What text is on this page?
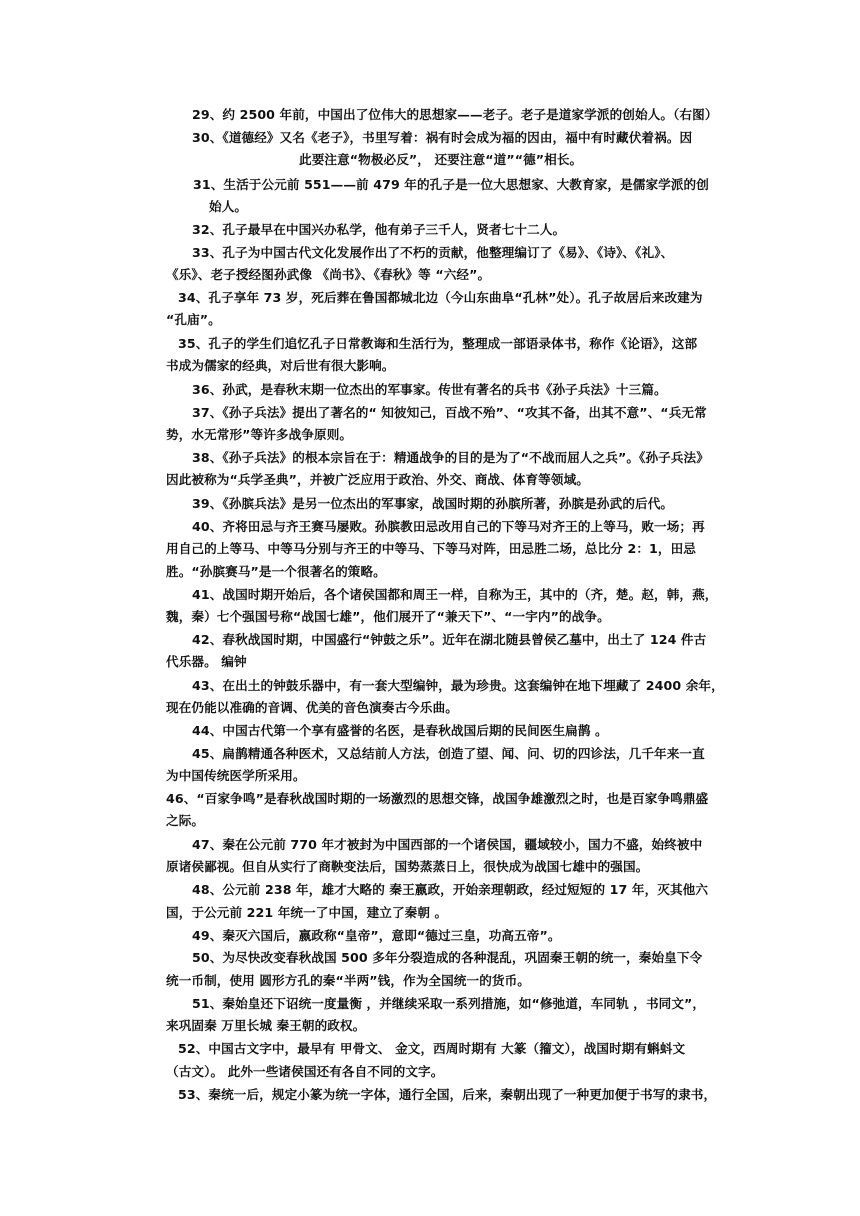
29、约 2500 年前，中国出了位伟大的思想家——老子。老子是道家学派的创始人。（右图）
30、《道德经》又名《老子》，书里写着：祸有时会成为福的因由，福中有时藏伏着祸。因
此要注意“物极必反”， 还要注意“道”“德”相长。
31、生活于公元前 551——前 479 年的孔子是一位大思想家、大教育家，是儒家学派的创
始人。
32、孔子最早在中国兴办私学，他有弟子三千人，贤者七十二人。
33、孔子为中国古代文化发展作出了不朽的贡献，他整理编订了《易》、《诗》、《礼》、
《乐》、老子授经图孙武像 《尚书》、《春秋》等 “六经”。
34、孔子享年 73 岁，死后葬在鲁国都城北边（今山东曲阜“孔林”处）。孔子故居后来改建为
“孔庙”。
35、孔子的学生们追忆孔子日常教诲和生活行为，整理成一部语录体书，称作《论语》，这部
书成为儒家的经典，对后世有很大影响。
36、孙武，是春秋末期一位杰出的军事家。传世有著名的兵书《孙子兵法》十三篇。
37、《孙子兵法》提出了著名的“ 知彼知己，百战不殆”、“攻其不备，出其不意”、“兵无常
势，水无常形”等许多战争原则。
38、《孙子兵法》的根本宗旨在于：精通战争的目的是为了“不战而屈人之兵”。《孙子兵法》
因此被称为“兵学圣典”，并被广泛应用于政治、外交、商战、体育等领域。
39、《孙膑兵法》是另一位杰出的军事家，战国时期的孙膑所著，孙膑是孙武的后代。
40、齐将田忌与齐王赛马屡败。孙膑教田忌改用自己的下等马对齐王的上等马，败一场；再
用自己的上等马、中等马分别与齐王的中等马、下等马对阵，田忌胜二场，总比分 2：1，田忌
胜。“孙膑赛马”是一个很著名的策略。
41、战国时期开始后，各个诸侯国都和周王一样，自称为王，其中的（齐，楚。赵，韩，燕，
魏，秦）七个强国号称“战国七雄”，他们展开了“兼天下”、“一宇内”的战争。
42、春秋战国时期，中国盛行“钟鼓之乐”。近年在湖北随县曾侯乙墓中，出土了 124 件古
代乐器。 编钟
43、在出土的钟鼓乐器中，有一套大型编钟，最为珍贵。这套编钟在地下埋藏了 2400 余年，
现在仍能以准确的音调、优美的音色演奏古今乐曲。
44、中国古代第一个享有盛誉的名医，是春秋战国后期的民间医生扁鹊 。
45、扁鹊精通各种医术，又总结前人方法，创造了望、闻、问、切的四诊法，几千年来一直
为中国传统医学所采用。
46、“百家争鸣”是春秋战国时期的一场激烈的思想交锋，战国争雄激烈之时，也是百家争鸣鼎盛
之际。
47、秦在公元前 770 年才被封为中国西部的一个诸侯国，疆域较小，国力不盛，始终被中
原诸侯鄙视。但自从实行了商鞅变法后，国势蒸蒸日上，很快成为战国七雄中的强国。
48、公元前 238 年，雄才大略的 秦王嬴政，开始亲理朝政，经过短短的 17 年，灭其他六
国，于公元前 221 年统一了中国，建立了秦朝 。
49、秦灭六国后，嬴政称“皇帝”，意即“德过三皇，功高五帝”。
50、为尽快改变春秋战国 500 多年分裂造成的各种混乱，巩固秦王朝的统一，秦始皇下令
统一币制，使用 圆形方孔的秦“半两”钱，作为全国统一的货币。
51、秦始皇还下诏统一度量衡 ，并继续采取一系列措施，如“修弛道，车同轨 ，书同文”，
来巩固秦 万里长城 秦王朝的政权。
52、中国古文字中，最早有 甲骨文、 金文，西周时期有 大篆（籀文），战国时期有蝌蚪文
（古文）。 此外一些诸侯国还有各自不同的文字。
53、秦统一后，规定小篆为统一字体，通行全国，后来，秦朝出现了一种更加便于书写的隶书，
